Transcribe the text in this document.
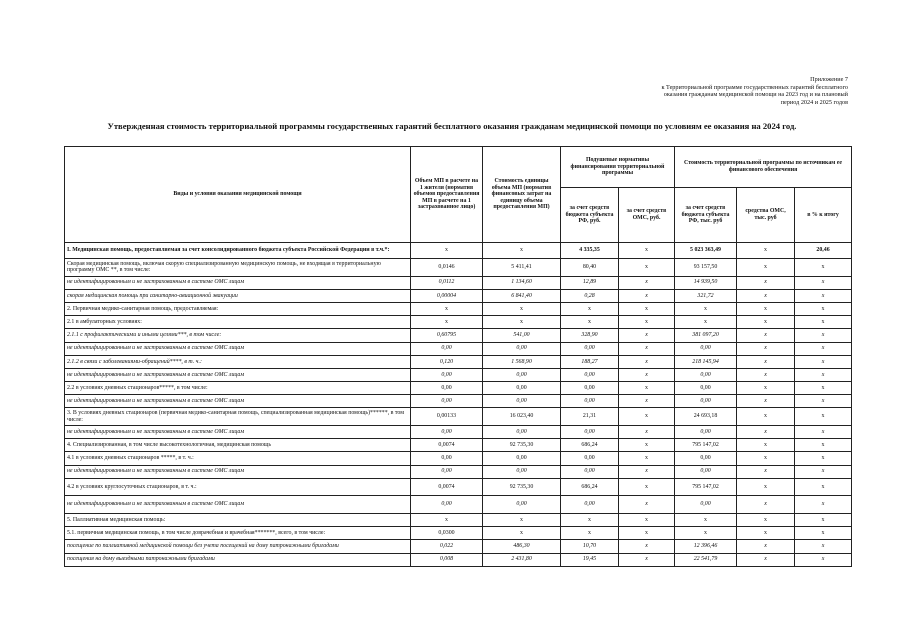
Приложение 7
к Территориальной программе государственных гарантий бесплатного
оказания гражданам медицинской помощи на 2023 год и на плановый
период 2024 и 2025 годов
Утвержденная стоимость территориальной программы государственных гарантий бесплатного оказания гражданам медицинской помощи по условиям ее оказания на 2024 год.
Виды и условия оказания медицинской помощи	Объем МП в расчете на 1 жителя (норматив объемов предоставления МП в расчете на 1 застрахованное лицо)	Стоимость единицы объема МП (норматив финансовых затрат на единицу объема предоставления МП)	Подушевые нормативы финансирования территориальной программы		Стоимость территориальной программы по источникам ее финансового обеспечения		
			за счет средств бюджета субъекта РФ, руб.	за счет средств ОМС, руб.	за счет средств бюджета субъекта РФ, тыс. руб	средства ОМС, тыс. руб	в % к итогу
I. Медицинская помощь, предоставляемая за счет консолидированного бюджета субъекта Российской Федерации в т.ч.*:	х	х	4 335,35	х	5 023 363,49	х	20,46
Скорая медицинская помощь, включая скорую специализированную медицинскую помощь, не входящая в территориальную программу ОМС **, в том числе:	0,0146	5 411,41	80,40	х	93 157,50	х	х
не идентифицированным и не застрахованным в системе ОМС лицам	0,0112	1 134,60	12,89	х	14 939,50	х	х
скорая медицинская помощь при санитарно-авиационной эвакуации	0,00004	6 841,40	0,28	х	321,72	х	х
2. Первичная медико-санитарная помощь, предоставляемая:	х	х	х	х	х	х	х
2.1 в амбулаторных условиях:	х	х	х	х	х	х	х
2.1.1 с профилактическими и иными целями***, в том числе:	0,60795	541,00	328,90	х	381 097,20	х	х
не идентифицированным и не застрахованным в системе ОМС лицам	0,00	0,00	0,00	х	0,00	х	х
2.1.2 в связи с заболеваниями-обращений****, в т. ч.:	0,120	1 568,90	188,27	х	218 145,94	х	х
не идентифицированным и не застрахованным в системе ОМС лицам	0,00	0,00	0,00	х	0,00	х	х
2.2 в условиях дневных стационаров*****, в том числе:	0,00	0,00	0,00	х	0,00	х	х
не идентифицированным и не застрахованным в системе ОМС лицам	0,00	0,00	0,00	х	0,00	х	х
3. В условиях дневных стационаров (первичная медико-санитарная помощь, специализированная медицинская помощь)******, в том числе:	0,00133	16 023,40	21,31	х	24 693,18	х	х
не идентифицированным и не застрахованным в системе ОМС лицам	0,00	0,00	0,00	х	0,00	х	х
4. Специализированная, в том числе высокотехнологичная, медицинская помощь	0,0074	92 735,30	686,24	х	795 147,02	х	х
4.1 в условиях дневных стационаров *****, в т. ч.:	0,00	0,00	0,00	х	0,00	х	х
не идентифицированным и не застрахованным в системе ОМС лицам	0,00	0,00	0,00	х	0,00	х	х
4.2 в условиях круглосуточных стационаров, в т. ч.:	0,0074	92 735,30	686,24	х	795 147,02	х	х
не идентифицированным и не застрахованным в системе ОМС лицам	0,00	0,00	0,00	х	0,00	х	х
5. Паллиативная медицинская помощь:	х	х	х	х	х	х	х
5.1. первичная медицинская помощь, в том числе доврачебная и врачебная*******, всего, в том числе:	0,0300	х	х	х	х	х	х
посещение по паллиативной медицинской помощи без учета посещений на дому патронажными бригадами	0,022	486,30	10,70	х	12 396,46	х	х
посещения на дому выездными патронажными бригадами	0,008	2 431,80	19,45	х	22 541,79	х	х
